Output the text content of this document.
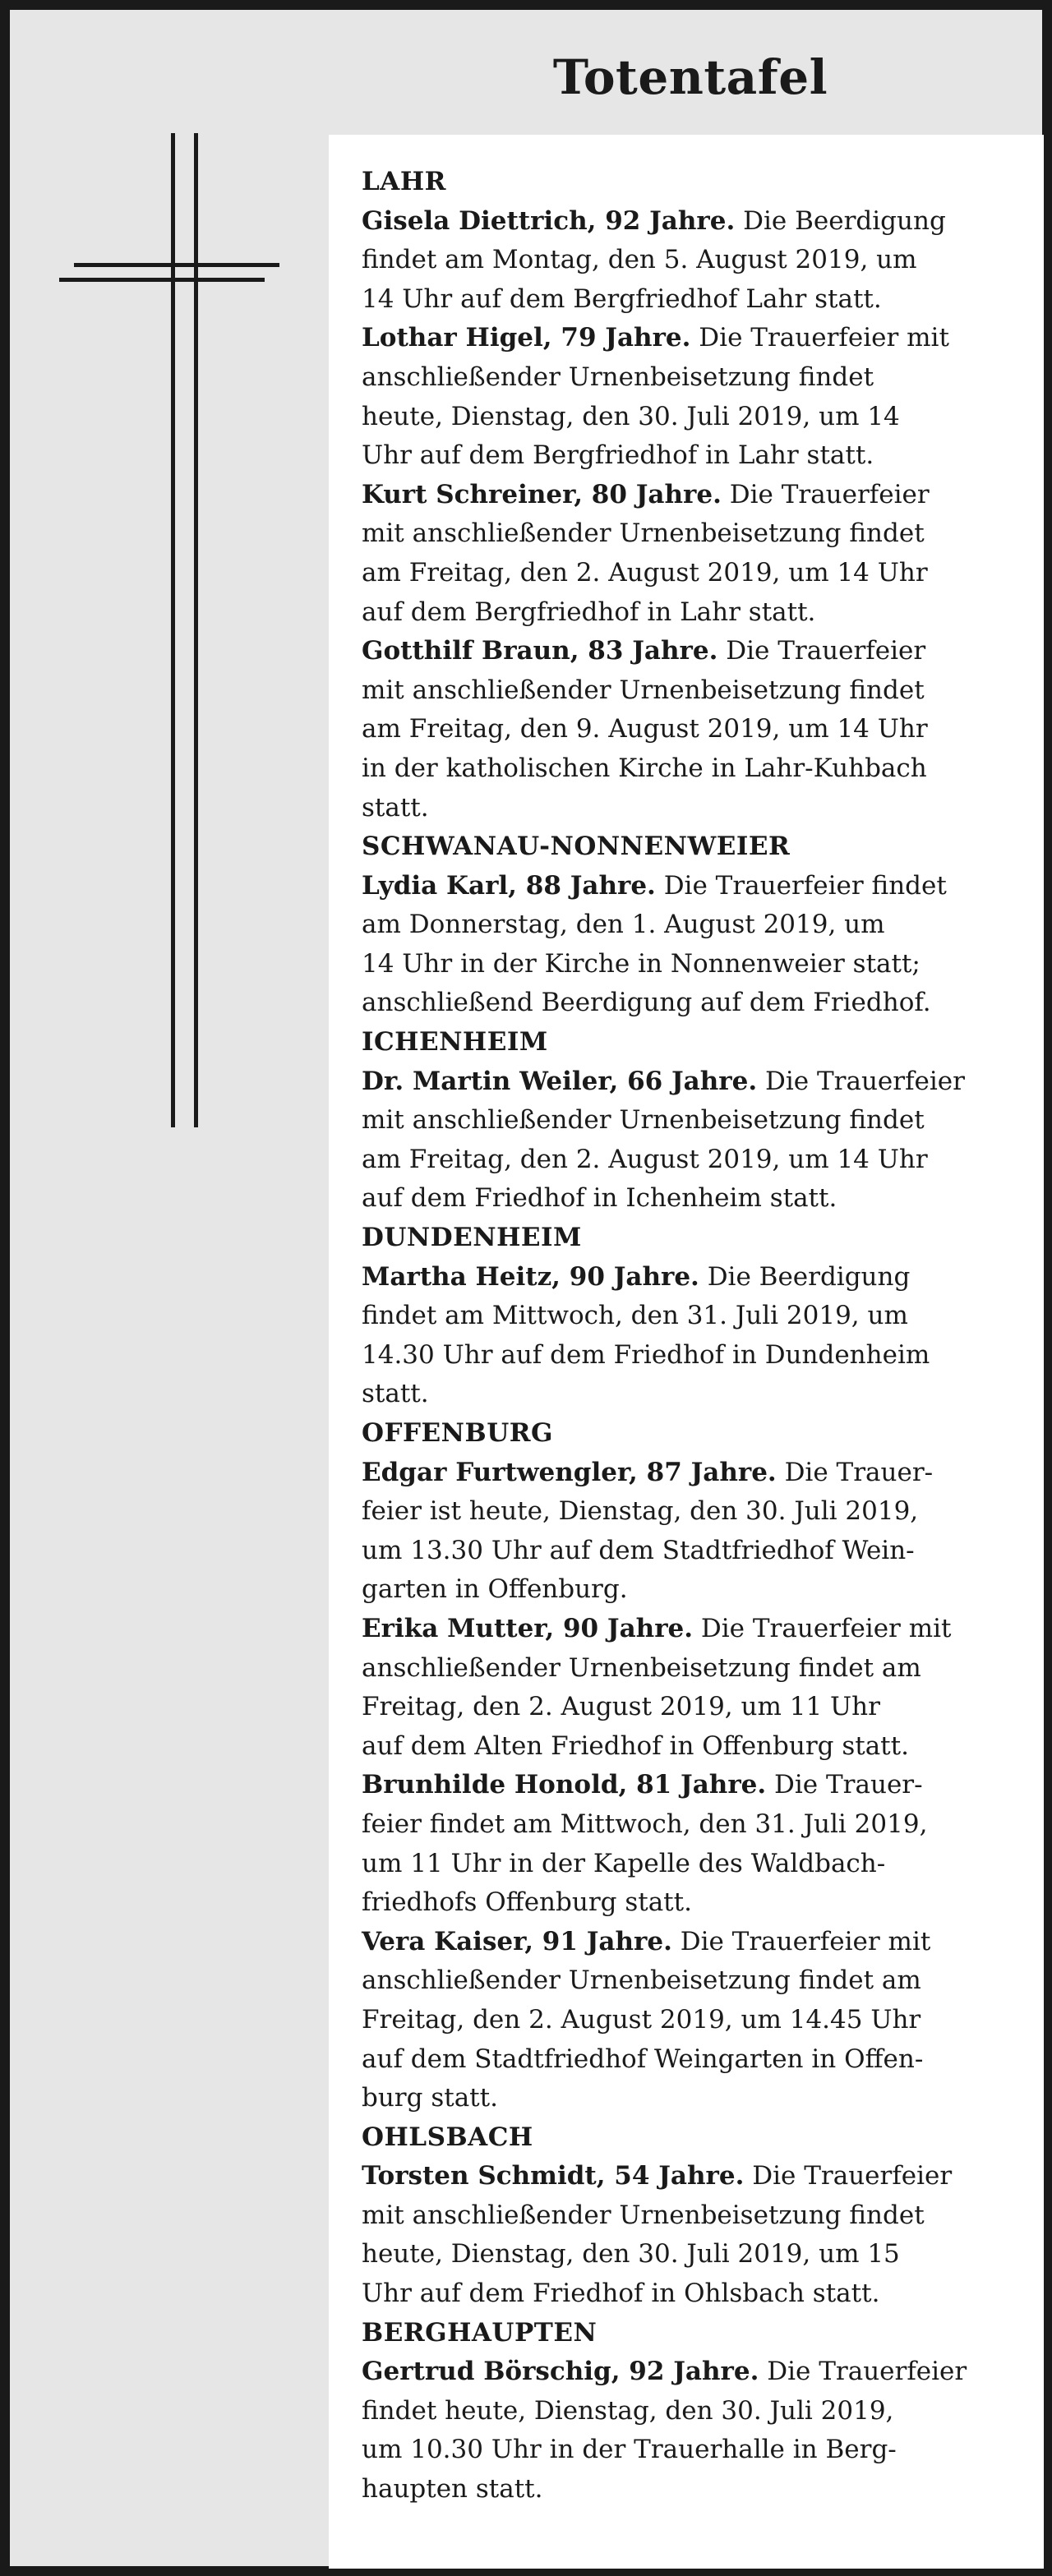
Totentafel
LAHR
Gisela Diettrich, 92 Jahre. Die Beerdigung
findet am Montag, den 5. August 2019, um
14 Uhr auf dem Bergfriedhof Lahr statt.
Lothar Higel, 79 Jahre. Die Trauerfeier mit
anschließender Urnenbeisetzung findet
heute, Dienstag, den 30. Juli 2019, um 14
Uhr auf dem Bergfriedhof in Lahr statt.
Kurt Schreiner, 80 Jahre. Die Trauerfeier
mit anschließender Urnenbeisetzung findet
am Freitag, den 2. August 2019, um 14 Uhr
auf dem Bergfriedhof in Lahr statt.
Gotthilf Braun, 83 Jahre. Die Trauerfeier
mit anschließender Urnenbeisetzung findet
am Freitag, den 9. August 2019, um 14 Uhr
in der katholischen Kirche in Lahr-Kuhbach
statt.
SCHWANAU-NONNENWEIER
Lydia Karl, 88 Jahre. Die Trauerfeier findet
am Donnerstag, den 1. August 2019, um
14 Uhr in der Kirche in Nonnenweier statt;
anschließend Beerdigung auf dem Friedhof.
ICHENHEIM
Dr. Martin Weiler, 66 Jahre. Die Trauerfeier
mit anschließender Urnenbeisetzung findet
am Freitag, den 2. August 2019, um 14 Uhr
auf dem Friedhof in Ichenheim statt.
DUNDENHEIM
Martha Heitz, 90 Jahre. Die Beerdigung
findet am Mittwoch, den 31. Juli 2019, um
14.30 Uhr auf dem Friedhof in Dundenheim
statt.
OFFENBURG
Edgar Furtwengler, 87 Jahre. Die Trauer-
feier ist heute, Dienstag, den 30. Juli 2019,
um 13.30 Uhr auf dem Stadtfriedhof Wein-
garten in Offenburg.
Erika Mutter, 90 Jahre. Die Trauerfeier mit
anschließender Urnenbeisetzung findet am
Freitag, den 2. August 2019, um 11 Uhr
auf dem Alten Friedhof in Offenburg statt.
Brunhilde Honold, 81 Jahre. Die Trauer-
feier findet am Mittwoch, den 31. Juli 2019,
um 11 Uhr in der Kapelle des Waldbach-
friedhofs Offenburg statt.
Vera Kaiser, 91 Jahre. Die Trauerfeier mit
anschließender Urnenbeisetzung findet am
Freitag, den 2. August 2019, um 14.45 Uhr
auf dem Stadtfriedhof Weingarten in Offen-
burg statt.
OHLSBACH
Torsten Schmidt, 54 Jahre. Die Trauerfeier
mit anschließender Urnenbeisetzung findet
heute, Dienstag, den 30. Juli 2019, um 15
Uhr auf dem Friedhof in Ohlsbach statt.
BERGHAUPTEN
Gertrud Börschig, 92 Jahre. Die Trauerfeier
findet heute, Dienstag, den 30. Juli 2019,
um 10.30 Uhr in der Trauerhalle in Berg-
haupten statt.
